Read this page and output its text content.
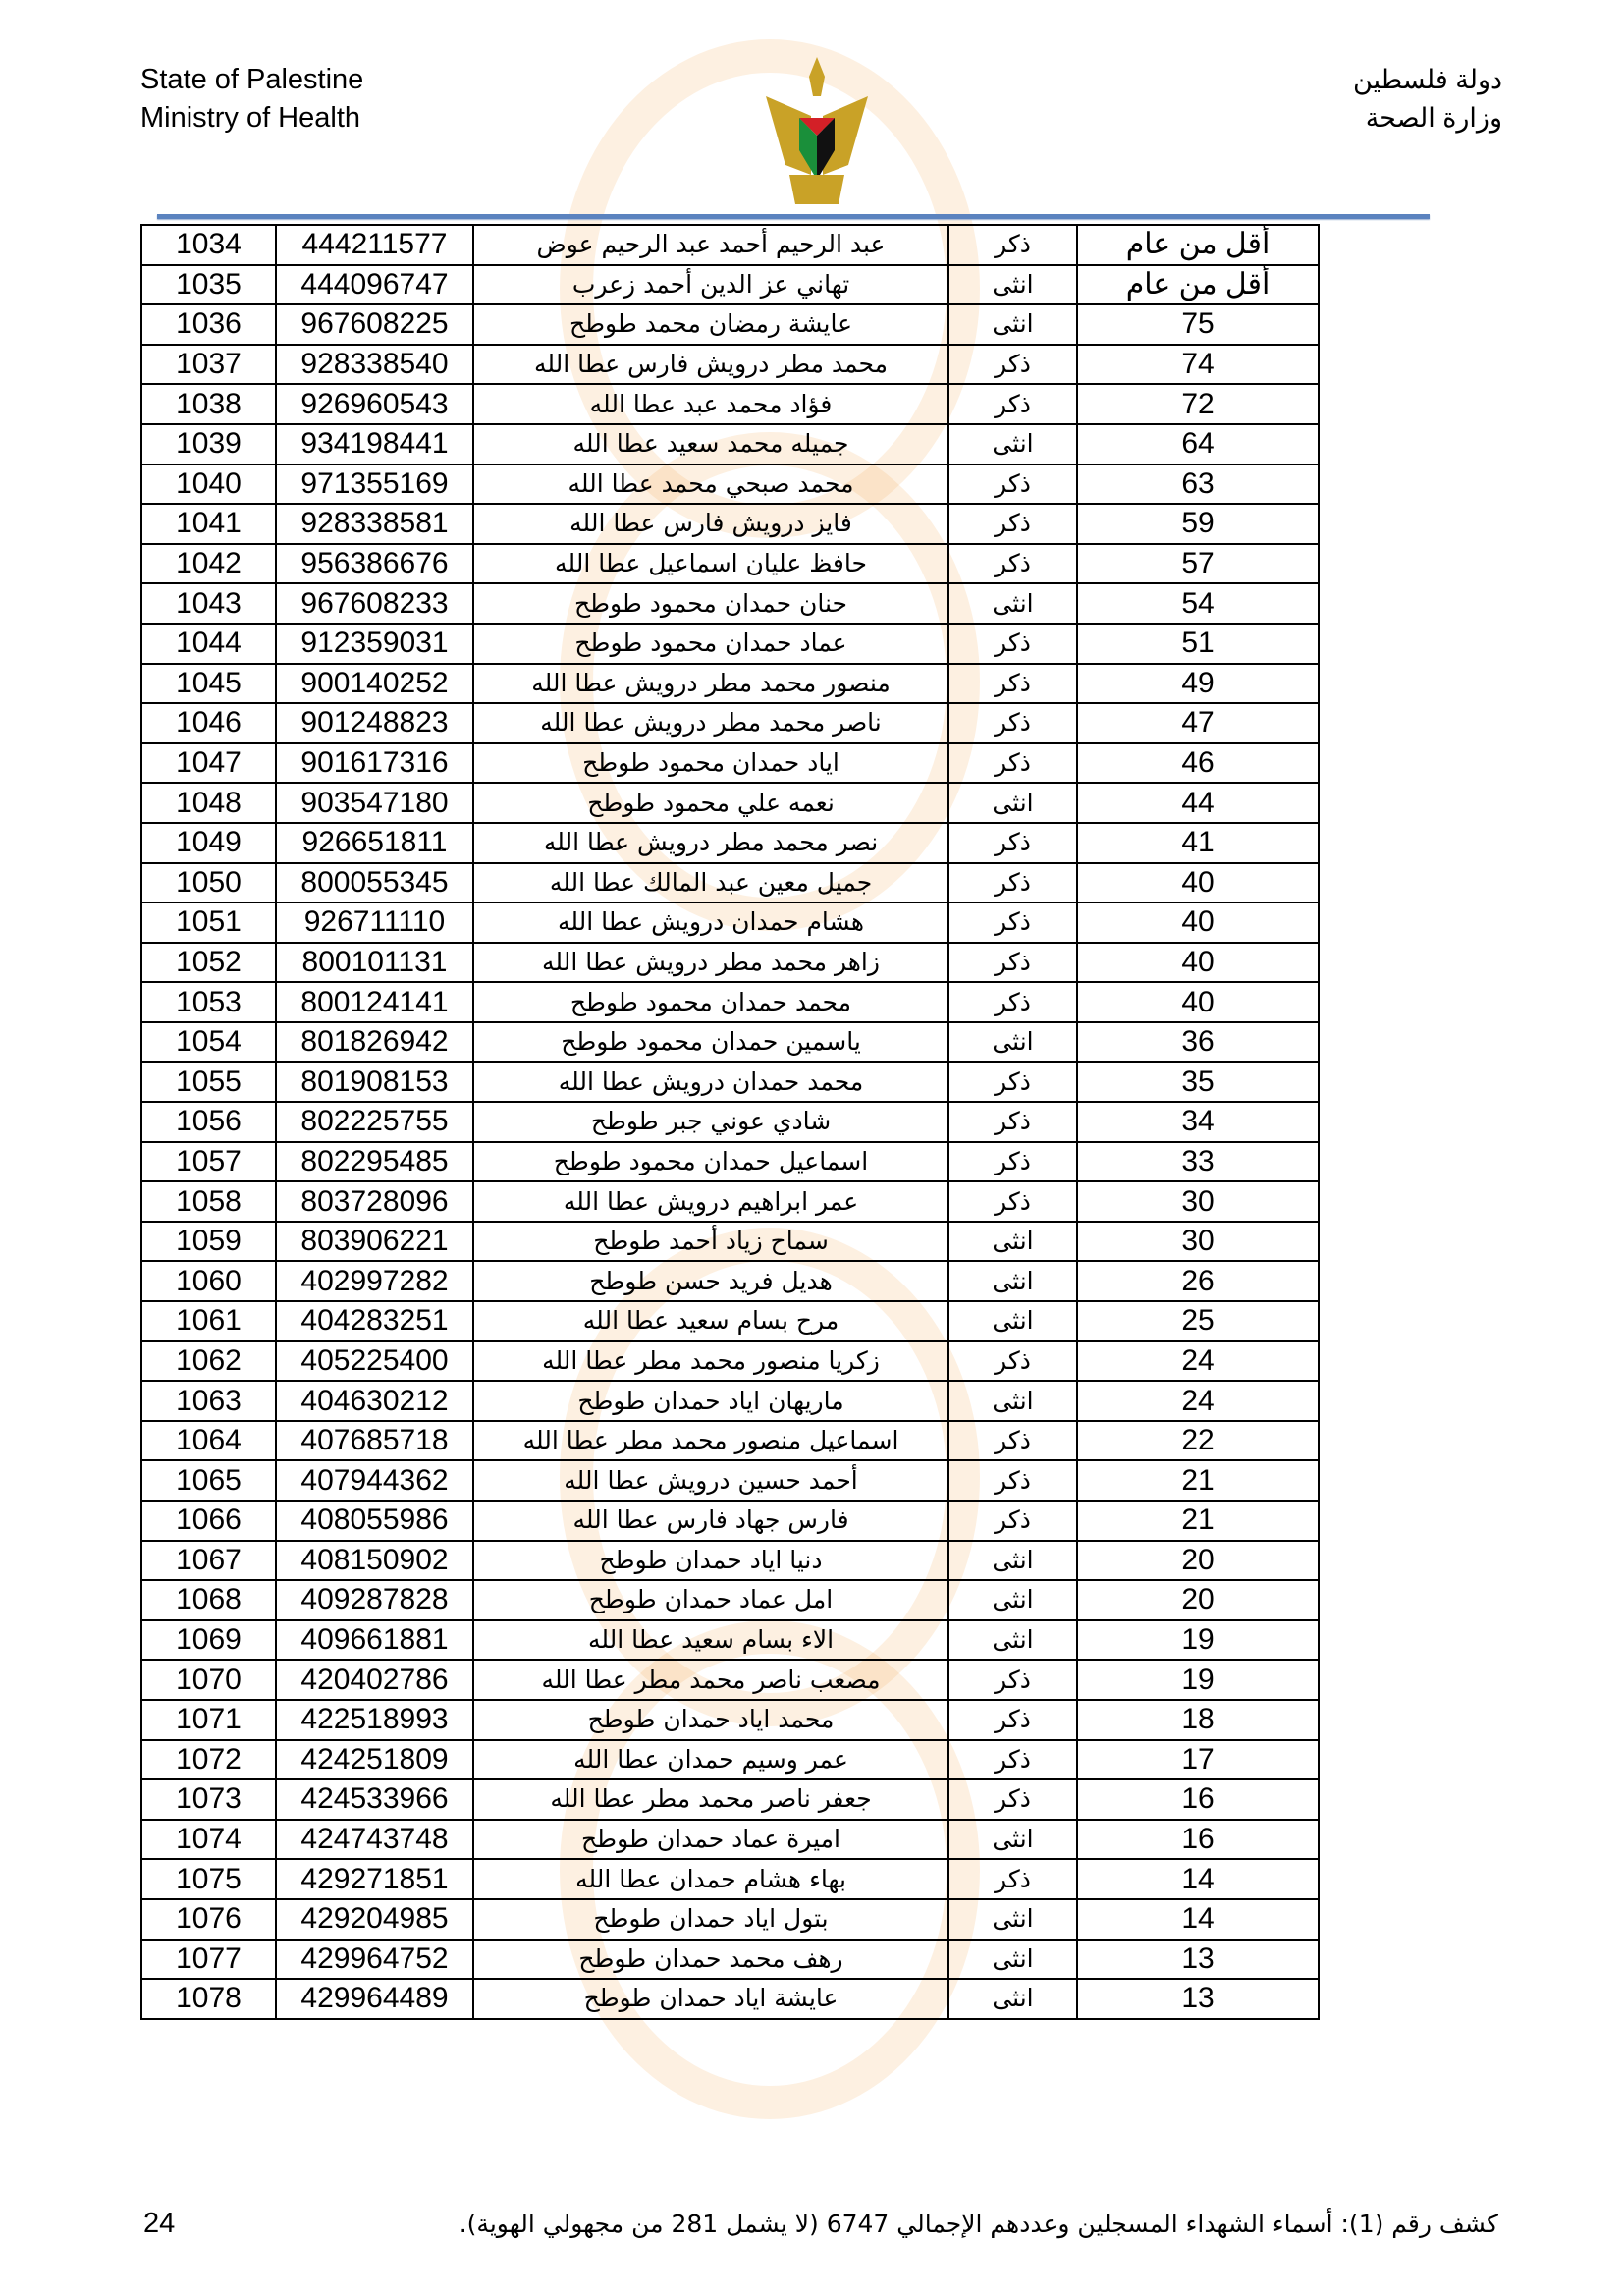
State of Palestine
Ministry of Health
دولة فلسطين
وزارة الصحة
1034	444211577	عبد الرحيم أحمد عبد الرحيم عوض	ذكر	أقل من عام
1035	444096747	تهاني عز الدين أحمد زعرب	انثى	أقل من عام
1036	967608225	عايشة رمضان محمد طوطح	انثى	75
1037	928338540	محمد مطر درويش فارس عطا الله	ذكر	74
1038	926960543	فؤاد محمد عبد عطا الله	ذكر	72
1039	934198441	جميله محمد سعيد عطا الله	انثى	64
1040	971355169	محمد صبحي محمد عطا الله	ذكر	63
1041	928338581	فايز درويش فارس عطا الله	ذكر	59
1042	956386676	حافظ عليان اسماعيل عطا الله	ذكر	57
1043	967608233	حنان حمدان محمود طوطح	انثى	54
1044	912359031	عماد حمدان محمود طوطح	ذكر	51
1045	900140252	منصور محمد مطر درويش عطا الله	ذكر	49
1046	901248823	ناصر محمد مطر درويش عطا الله	ذكر	47
1047	901617316	اياد حمدان محمود طوطح	ذكر	46
1048	903547180	نعمه علي محمود طوطح	انثى	44
1049	926651811	نصر محمد مطر درويش عطا الله	ذكر	41
1050	800055345	جميل معين عبد المالك عطا الله	ذكر	40
1051	926711110	هشام حمدان درويش عطا الله	ذكر	40
1052	800101131	زاهر محمد مطر درويش عطا الله	ذكر	40
1053	800124141	محمد حمدان محمود طوطح	ذكر	40
1054	801826942	ياسمين حمدان محمود طوطح	انثى	36
1055	801908153	محمد حمدان درويش عطا الله	ذكر	35
1056	802225755	شادي عوني جبر طوطح	ذكر	34
1057	802295485	اسماعيل حمدان محمود طوطح	ذكر	33
1058	803728096	عمر ابراهيم درويش عطا الله	ذكر	30
1059	803906221	سماح زياد أحمد طوطح	انثى	30
1060	402997282	هديل فريد حسن طوطح	انثى	26
1061	404283251	مرح بسام سعيد عطا الله	انثى	25
1062	405225400	زكريا منصور محمد مطر عطا الله	ذكر	24
1063	404630212	ماريهان اياد حمدان طوطح	انثى	24
1064	407685718	اسماعيل منصور محمد مطر عطا الله	ذكر	22
1065	407944362	أحمد حسين درويش عطا الله	ذكر	21
1066	408055986	فارس جهاد فارس عطا الله	ذكر	21
1067	408150902	دنيا اياد حمدان طوطح	انثى	20
1068	409287828	امل عماد حمدان طوطح	انثى	20
1069	409661881	الاء بسام سعيد عطا الله	انثى	19
1070	420402786	مصعب ناصر محمد مطر عطا الله	ذكر	19
1071	422518993	محمد اياد حمدان طوطح	ذكر	18
1072	424251809	عمر وسيم حمدان عطا الله	ذكر	17
1073	424533966	جعفر ناصر محمد مطر عطا الله	ذكر	16
1074	424743748	اميرة عماد حمدان طوطح	انثى	16
1075	429271851	بهاء هشام حمدان عطا الله	ذكر	14
1076	429204985	بتول اياد حمدان طوطح	انثى	14
1077	429964752	رهف محمد حمدان طوطح	انثى	13
1078	429964489	عايشة اياد حمدان طوطح	انثى	13
كشف رقم (1): أسماء الشهداء المسجلين وعددهم الإجمالي 6747 (لا يشمل 281 من مجهولي الهوية).
24
